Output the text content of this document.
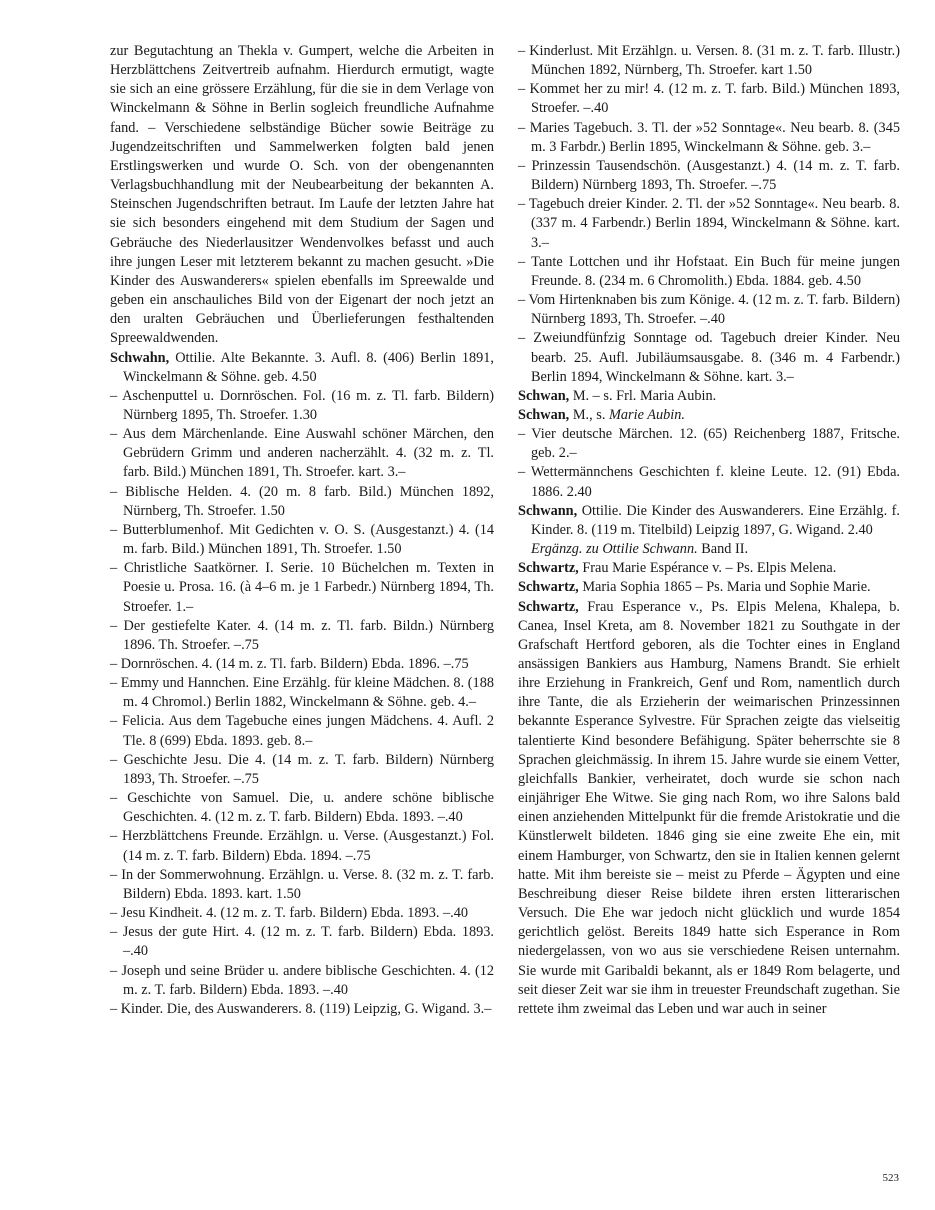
zur Begutachtung an Thekla v. Gumpert, welche die Arbeiten in Herzblättchens Zeitvertreib aufnahm. Hierdurch ermutigt, wagte sie sich an eine grössere Erzählung, für die sie in dem Verlage von Winckelmann & Söhne in Berlin sogleich freundliche Aufnahme fand. – Verschiedene selbständige Bücher sowie Beiträge zu Jugendzeitschriften und Sammelwerken folgten bald jenen Erstlingswerken und wurde O. Sch. von der obengenannten Verlagsbuchhandlung mit der Neubearbeitung der bekannten A. Steinschen Jugendschriften betraut. Im Laufe der letzten Jahre hat sie sich besonders eingehend mit dem Studium der Sagen und Gebräuche des Niederlausitzer Wendenvolkes befasst und auch ihre jungen Leser mit letzterem bekannt zu machen gesucht. »Die Kinder des Auswanderers« spielen ebenfalls im Spreewalde und geben ein anschauliches Bild von der Eigenart der noch jetzt an den uralten Gebräuchen und Überlieferungen festhaltenden Spreewaldwenden.

Schwahn, Ottilie. Alte Bekannte. 3. Aufl. 8. (406) Berlin 1891, Winckelmann & Söhne. geb. 4.50

– Aschenputtel u. Dornröschen. Fol. (16 m. z. Tl. farb. Bildern) Nürnberg 1895, Th. Stroefer. 1.30

– Aus dem Märchenlande. Eine Auswahl schöner Märchen, den Gebrüdern Grimm und anderen nacherzählt. 4. (32 m. z. Tl. farb. Bild.) München 1891, Th. Stroefer. kart. 3.–

– Biblische Helden. 4. (20 m. 8 farb. Bild.) München 1892, Nürnberg, Th. Stroefer. 1.50

– Butterblumenhof. Mit Gedichten v. O. S. (Ausgestanzt.) 4. (14 m. farb. Bild.) München 1891, Th. Stroefer. 1.50

– Christliche Saatkörner. I. Serie. 10 Büchelchen m. Texten in Poesie u. Prosa. 16. (à 4–6 m. je 1 Farbedr.) Nürnberg 1894, Th. Stroefer. 1.–

– Der gestiefelte Kater. 4. (14 m. z. Tl. farb. Bildn.) Nürnberg 1896. Th. Stroefer. –.75

– Dornröschen. 4. (14 m. z. Tl. farb. Bildern) Ebda. 1896. –.75

– Emmy und Hannchen. Eine Erzählg. für kleine Mädchen. 8. (188 m. 4 Chromol.) Berlin 1882, Winckelmann & Söhne. geb. 4.–

– Felicia. Aus dem Tagebuche eines jungen Mädchens. 4. Aufl. 2 Tle. 8 (699) Ebda. 1893. geb. 8.–

– Geschichte Jesu. Die 4. (14 m. z. T. farb. Bildern) Nürnberg 1893, Th. Stroefer. –.75

– Geschichte von Samuel. Die, u. andere schöne biblische Geschichten. 4. (12 m. z. T. farb. Bildern) Ebda. 1893. –.40

– Herzblättchens Freunde. Erzählgn. u. Verse. (Ausgestanzt.) Fol. (14 m. z. T. farb. Bildern) Ebda. 1894. –.75

– In der Sommerwohnung. Erzählgn. u. Verse. 8. (32 m. z. T. farb. Bildern) Ebda. 1893. kart. 1.50

– Jesu Kindheit. 4. (12 m. z. T. farb. Bildern) Ebda. 1893. –.40

– Jesus der gute Hirt. 4. (12 m. z. T. farb. Bildern) Ebda. 1893. –.40

– Joseph und seine Brüder u. andere biblische Geschichten. 4. (12 m. z. T. farb. Bildern) Ebda. 1893. –.40

– Kinder. Die, des Auswanderers. 8. (119) Leipzig, G. Wigand. 3.–

– Kinderlust. Mit Erzählgn. u. Versen. 8. (31 m. z. T. farb. Illustr.) München 1892, Nürnberg, Th. Stroefer. kart 1.50

– Kommet her zu mir! 4. (12 m. z. T. farb. Bild.) München 1893, Stroefer. –.40

– Maries Tagebuch. 3. Tl. der »52 Sonntage«. Neu bearb. 8. (345 m. 3 Farbdr.) Berlin 1895, Winckelmann & Söhne. geb. 3.–

– Prinzessin Tausendschön. (Ausgestanzt.) 4. (14 m. z. T. farb. Bildern) Nürnberg 1893, Th. Stroefer. –.75

– Tagebuch dreier Kinder. 2. Tl. der »52 Sonntage«. Neu bearb. 8. (337 m. 4 Farbendr.) Berlin 1894, Winckelmann & Söhne. kart. 3.–

– Tante Lottchen und ihr Hofstaat. Ein Buch für meine jungen Freunde. 8. (234 m. 6 Chromolith.) Ebda. 1884. geb. 4.50

– Vom Hirtenknaben bis zum Könige. 4. (12 m. z. T. farb. Bildern) Nürnberg 1893, Th. Stroefer. –.40

– Zweiundfünfzig Sonntage od. Tagebuch dreier Kinder. Neu bearb. 25. Aufl. Jubiläumsausgabe. 8. (346 m. 4 Farbendr.) Berlin 1894, Winckelmann & Söhne. kart. 3.–

Schwan, M. – s. Frl. Maria Aubin.

Schwan, M., s. Marie Aubin.

– Vier deutsche Märchen. 12. (65) Reichenberg 1887, Fritsche. geb. 2.–

– Wettermännchens Geschichten f. kleine Leute. 12. (91) Ebda. 1886. 2.40

Schwann, Ottilie. Die Kinder des Auswanderers. Eine Erzählg. f. Kinder. 8. (119 m. Titelbild) Leipzig 1897, G. Wigand. 2.40

Ergänzg. zu Ottilie Schwann. Band II.

Schwartz, Frau Marie Espérance v. – Ps. Elpis Melena.

Schwartz, Maria Sophia 1865 – Ps. Maria und Sophie Marie.

Schwartz, Frau Esperance v., Ps. Elpis Melena, Khalepa, b. Canea, Insel Kreta, am 8. November 1821 zu Southgate in der Grafschaft Hertford geboren, als die Tochter eines in England ansässigen Bankiers aus Hamburg, Namens Brandt. Sie erhielt ihre Erziehung in Frankreich, Genf und Rom, namentlich durch ihre Tante, die als Erzieherin der weimarischen Prinzessinnen bekannte Esperance Sylvestre. Für Sprachen zeigte das vielseitig talentierte Kind besondere Befähigung. Später beherrschte sie 8 Sprachen gleichmässig. In ihrem 15. Jahre wurde sie einem Vetter, gleichfalls Bankier, verheiratet, doch wurde sie schon nach einjähriger Ehe Witwe. Sie ging nach Rom, wo ihre Salons bald einen anziehenden Mittelpunkt für die fremde Aristokratie und die Künstlerwelt bildeten. 1846 ging sie eine zweite Ehe ein, mit einem Hamburger, von Schwartz, den sie in Italien kennen gelernt hatte. Mit ihm bereiste sie – meist zu Pferde – Ägypten und eine Beschreibung dieser Reise bildete ihren ersten litterarischen Versuch. Die Ehe war jedoch nicht glücklich und wurde 1854 gerichtlich gelöst. Bereits 1849 hatte sich Esperance in Rom niedergelassen, von wo aus sie verschiedene Reisen unternahm. Sie wurde mit Garibaldi bekannt, als er 1849 Rom belagerte, und seit dieser Zeit war sie ihm in treuester Freundschaft zugethan. Sie rettete ihm zweimal das Leben und war auch in seiner

523
